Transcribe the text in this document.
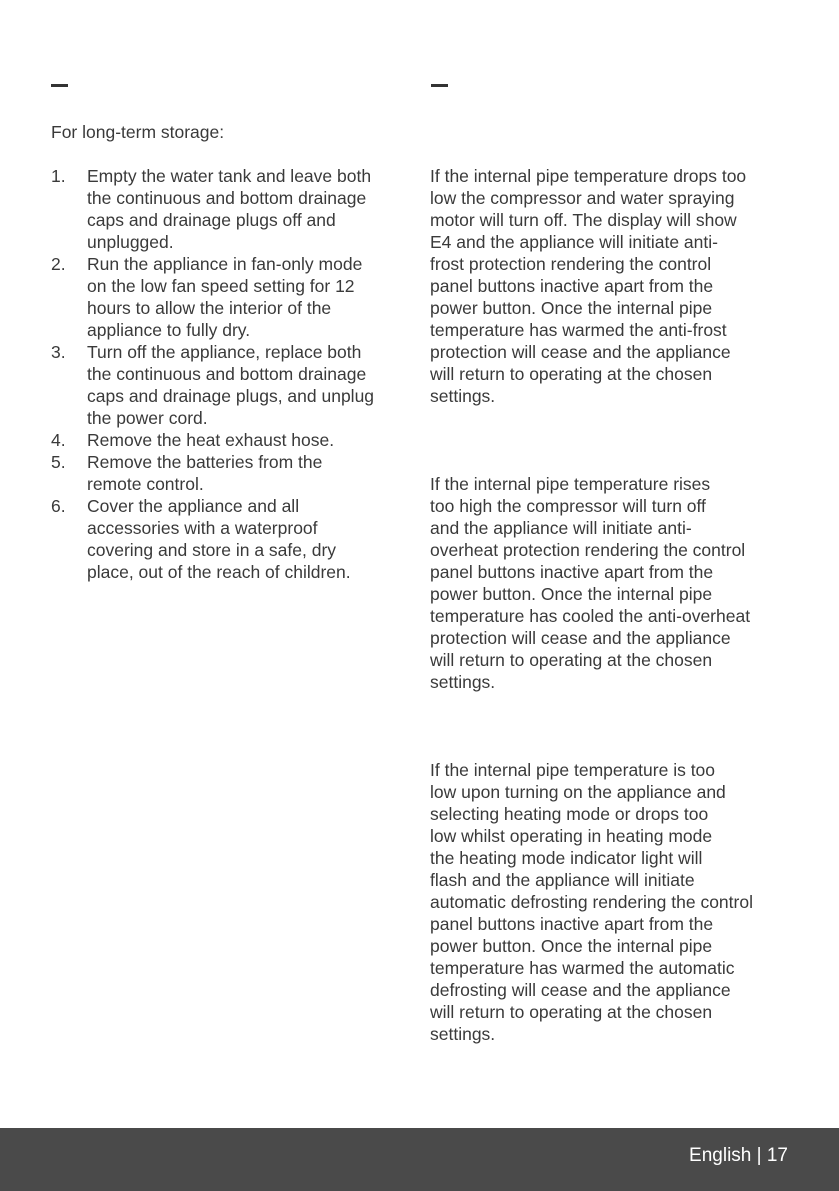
For long-term storage:

1. Empty the water tank and leave both
the continuous and bottom drainage
caps and drainage plugs off and
unplugged.
2. Run the appliance in fan-only mode
on the low fan speed setting for 12
hours to allow the interior of the
appliance to fully dry.
3. Turn off the appliance, replace both
the continuous and bottom drainage
caps and drainage plugs, and unplug
the power cord.
4. Remove the heat exhaust hose.
5. Remove the batteries from the
remote control.
6. Cover the appliance and all
accessories with a waterproof
covering and store in a safe, dry
place, out of the reach of children.
If the internal pipe temperature drops too
low the compressor and water spraying
motor will turn off. The display will show
E4 and the appliance will initiate anti-
frost protection rendering the control
panel buttons inactive apart from the
power button. Once the internal pipe
temperature has warmed the anti-frost
protection will cease and the appliance
will return to operating at the chosen
settings.
If the internal pipe temperature rises
too high the compressor will turn off
and the appliance will initiate anti-
overheat protection rendering the control
panel buttons inactive apart from the
power button. Once the internal pipe
temperature has cooled the anti-overheat
protection will cease and the appliance
will return to operating at the chosen
settings.
If the internal pipe temperature is too
low upon turning on the appliance and
selecting heating mode or drops too
low whilst operating in heating mode
the heating mode indicator light will
flash and the appliance will initiate
automatic defrosting rendering the control
panel buttons inactive apart from the
power button. Once the internal pipe
temperature has warmed the automatic
defrosting will cease and the appliance
will return to operating at the chosen
settings.
English | 17
